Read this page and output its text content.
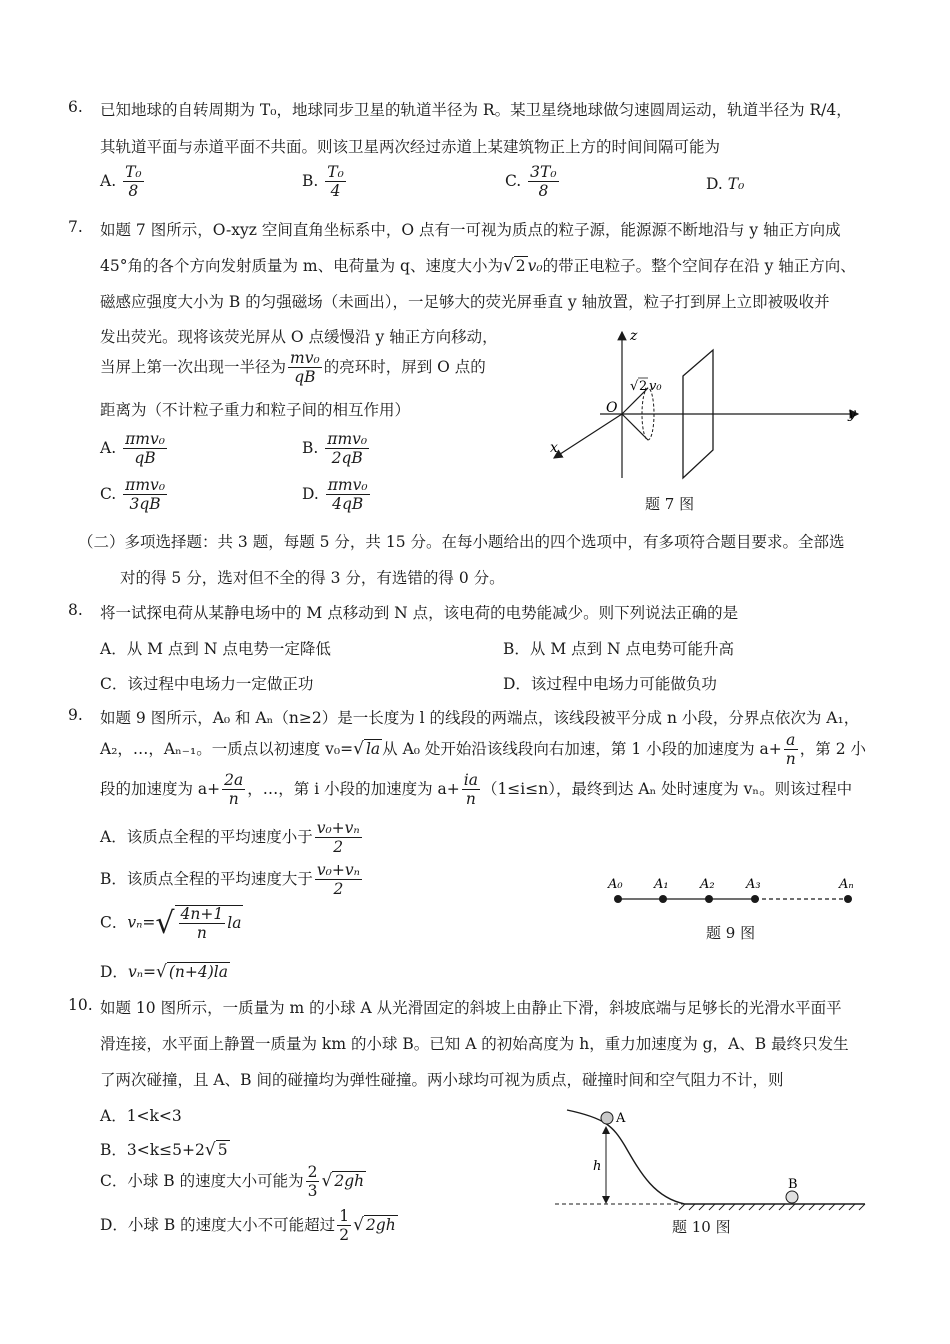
6. 已知地球的自转周期为 T₀，地球同步卫星的轨道半径为 R。某卫星绕地球做匀速圆周运动，轨道半径为 R/4，
其轨道平面与赤道平面不共面。则该卫星两次经过赤道上某建筑物正上方的时间间隔可能为
A. $\frac{\text{T₀}}{8}$	B. $\frac{\text{T₀}}{4}$	C. $\frac{\text{3T₀}}{8}$	D. T₀
7. 如题 7 图所示，O-xyz 空间直角坐标系中，O 点有一可视为质点的粒子源，能源源不断地沿与 y 轴正方向成
45°角的各个方向发射质量为 m、电荷量为 q、速度大小为√ 2 v₀的带正电粒子。整个空间存在沿 y 轴正方向、
磁感应强度大小为 B 的匀强磁场（未画出），一足够大的荧光屏垂直 y 轴放置，粒子打到屏上立即被吸收并
发出荧光。现将该荧光屏从 O 点缓慢沿 y 轴正方向移动，
当屏上第一次出现一半径为 $\frac{\text{mv₀}}{qB}$ 的亮环时，屏到 O 点的
距离为（不计粒子重力和粒子间的相互作用）
A. $\frac{\text{πmv₀}}{qB}$	B. $\frac{\text{πmv₀}}{2qB}$
C. $\frac{\text{πmv₀}}{3qB}$	D. $\frac{\text{πmv₀}}{4qB}$
z
y
x
O
√ 2 v₀
题 7 图
（二）多项选择题：共 3 题，每题 5 分，共 15 分。在每小题给出的四个选项中，有多项符合题目要求。全部选
对的得 5 分，选对但不全的得 3 分，有选错的得 0 分。
8. 将一试探电荷从某静电场中的 M 点移动到 N 点，该电荷的电势能减少。则下列说法正确的是
A．从 M 点到 N 点电势一定降低	B．从 M 点到 N 点电势可能升高
C．该过程中电场力一定做正功	D．该过程中电场力可能做负功
9. 如题 9 图所示，A₀ 和 Aₙ（n≥2）是一长度为 l 的线段的两端点，该线段被平分成 n 小段，分界点依次为 A₁，
A₂，…，Aₙ₋₁。一质点以初速度 v₀=√ la 从 A₀ 处开始沿该线段向右加速，第 1 小段的加速度为 $a+ \frac{a}{n}$ ，第 2 小
段的加速度为 $a+ \frac{2a}{n}$ ，…，第 i 小段的加速度为 $a+ \frac{ia}{n} (1\le i\le n)$，最终到达 Aₙ 处时速度为 vₙ。则该过程中
A．该质点全程的平均速度小于 $\frac{\text{v₀+vₙ}}{2}$
B．该质点全程的平均速度大于 $\frac{\text{v₀+vₙ}}{2}$
C．$v_n=√ \frac{4n+1}{n}$ la
D．vₙ=√ (n+4)la
A₀ A₁ A₂ A₃	Aₙ
题 9 图
10. 如题 10 图所示，一质量为 m 的小球 A 从光滑固定的斜坡上由静止下滑，斜坡底端与足够长的光滑水平面平
滑连接，水平面上静置一质量为 km 的小球 B。已知 A 的初始高度为 h，重力加速度为 g，A、B 最终只发生
了两次碰撞，且 A、B 间的碰撞均为弹性碰撞。两小球均可视为质点，碰撞时间和空气阻力不计，则
A．1<k<3
B．3<k≤5+2√ 5
C．小球 B 的速度大小可能为 $\frac{2}{3}$ √ 2gh
D．小球 B 的速度大小不可能超过 $\frac{1}{2}$ √ 2gh
A
B
h
题 10 图
